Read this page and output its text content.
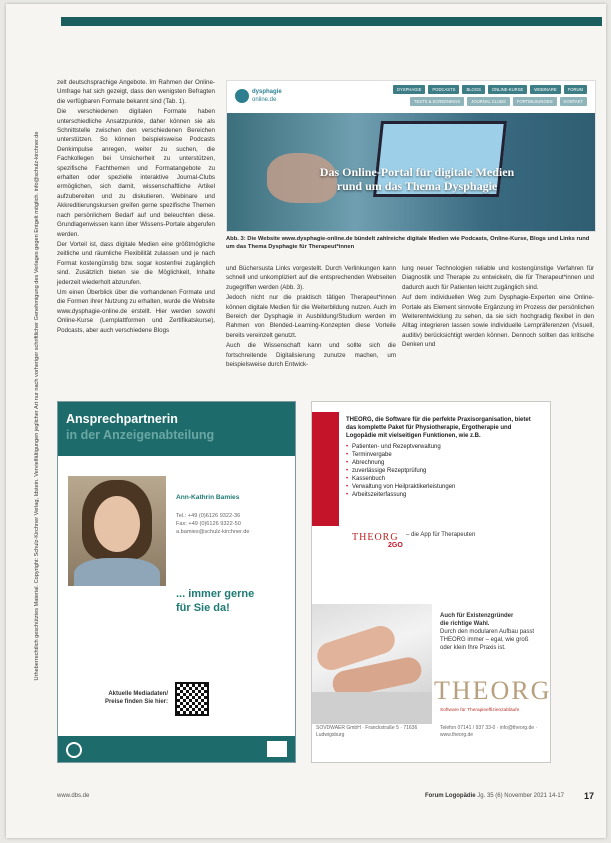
Urheberrechtlich geschütztes Material. Copyright: Schulz-Kirchner Verlag, Idstein. Vervielfältigungen jeglicher Art nur nach vorheriger schriftlicher Genehmigung des Verlages gegen Entgelt möglich. info@schulz-kirchner.de

zelt deutschsprachige Angebote. Im Rahmen der Online-Umfrage hat sich gezeigt, dass den wenigsten Befragten die verfügbaren Formate bekannt sind (Tab. 1).

Die verschiedenen digitalen Formate haben unterschiedliche Ansatzpunkte, daher können sie als Schnittstelle zwischen den verschiedenen Bereichen unterstützen. So können beispielsweise Podcasts Denkimpulse anregen, weiter zu suchen, die Fachkollegen bei Unsicherheit zu unterstützen, spezifische Fachthemen und Formatangebote zu erhalten oder spezielle interaktive Journal-Clubs ermöglichen, sich damit, wissenschaftliche Artikel aufzubereiten und zu diskutieren. Webinare und Akkreditierungskursen greifen gerne spezifische Themen nach persönlichem Bedarf auf und beleuchten diese. Grundlagenwissen kann über Wissens-Portale abgerufen werden.

Der Vorteil ist, dass digitale Medien eine größtmögliche zeitliche und räumliche Flexibilität zulassen und je nach Format kostengünstig bzw. sogar kostenfrei zugänglich sind. Zusätzlich bieten sie die Möglichkeit, Inhalte jederzeit wiederholt abzurufen.

Um einen Überblick über die vorhandenen Formate und die Formen ihrer Nutzung zu erhalten, wurde die Website www.dysphagie-online.de erstellt. Hier werden sowohl Online-Kurse (Lernplattformen und Zertifikatskurse), Podcasts, aber auch verschiedene Blogs

dysphagie
online.de
DYSPHAGIE	PODCASTS	BLOGS	ONLINE-KURSE	WEBINARE	FORUM
TESTS & SCREENINGS	JOURNAL CLUBS	FORTBILDUNGEN	KONTAKT
Das Online-Portal für digitale Medien
rund um das Thema Dysphagie
Abb. 3: Die Website www.dysphagie-online.de bündelt zahlreiche digitale Medien wie Podcasts, Online-Kurse, Blogs und Links rund um das Thema Dysphagie für Therapeut*innen

und Büchersusta Links vorgestellt. Durch Verlinkungen kann schnell und unkompliziert auf die entsprechenden Webseiten zugegriffen werden (Abb. 3).

Jedoch nicht nur die praktisch tätigen Therapeut*innen können digitale Medien für die Weiterbildung nutzen. Auch im Bereich der Dysphagie in Ausbildung/Studium werden im Rahmen von Blended-Learning-Konzepten diese Vorteile bereits vereinzelt genutzt.

Auch die Wissenschaft kann und sollte sich die fortschreitende Digitalisierung zunutze machen, um beispielsweise durch Entwick-

lung neuer Technologien reliable und kostengünstige Verfahren für Diagnostik und Therapie zu entwickeln, die für Therapeut*innen und dadurch auch für Patienten leicht zugänglich sind.

Auf dem individuellen Weg zum Dysphagie-Experten eine Online-Portale als Element sinnvolle Ergänzung im Prozess der persönlichen Weiterentwicklung zu sehen, da sie sich hochgradig flexibel in den Alltag integrieren lassen sowie individuelle Lernpräferenzen (Visuell, auditiv) berücksichtigt werden können. Dennoch sollten das kritische Denken und

Ansprechpartnerin
in der Anzeigenabteilung
Ann-Kathrin Bamies
Tel.: +49 (0)6126 9322-36
Fax: +49 (0)6126 9322-50
a.bamies@schulz-kirchner.de
... immer gerne
für Sie da!
Aktuelle Mediadaten/
Preise finden Sie hier:
THEORG, die Software für die perfekte Praxisorganisation, bietet das komplette Paket für Physiotherapie, Ergotherapie und Logopädie mit vielseitigen Funktionen, wie z.B.
• Patienten- und Rezeptverwaltung
• Terminvergabe
• Abrechnung
• zuverlässige Rezeptprüfung
• Kassenbuch
• Verwaltung von Heilpraktikerleistungen
• Arbeitszeiterfassung
THEORG
2GO
– die App für Therapeuten
Auch für Existenzgründer
die richtige Wahl.
Durch den modularen Aufbau passt THEORG immer – egal, wie groß oder klein Ihre Praxis ist.
THEORG
Software für Therapieeffizienzabläufe
SOVDWAER GmbH · Franckstraße 5 · 71636 Ludwigsburg
Telefon 07141 / 937 33-0 · info@theorg.de · www.theorg.de
www.dbs.de	Forum Logopädie Jg. 35 (6) November 2021 14-17 17
